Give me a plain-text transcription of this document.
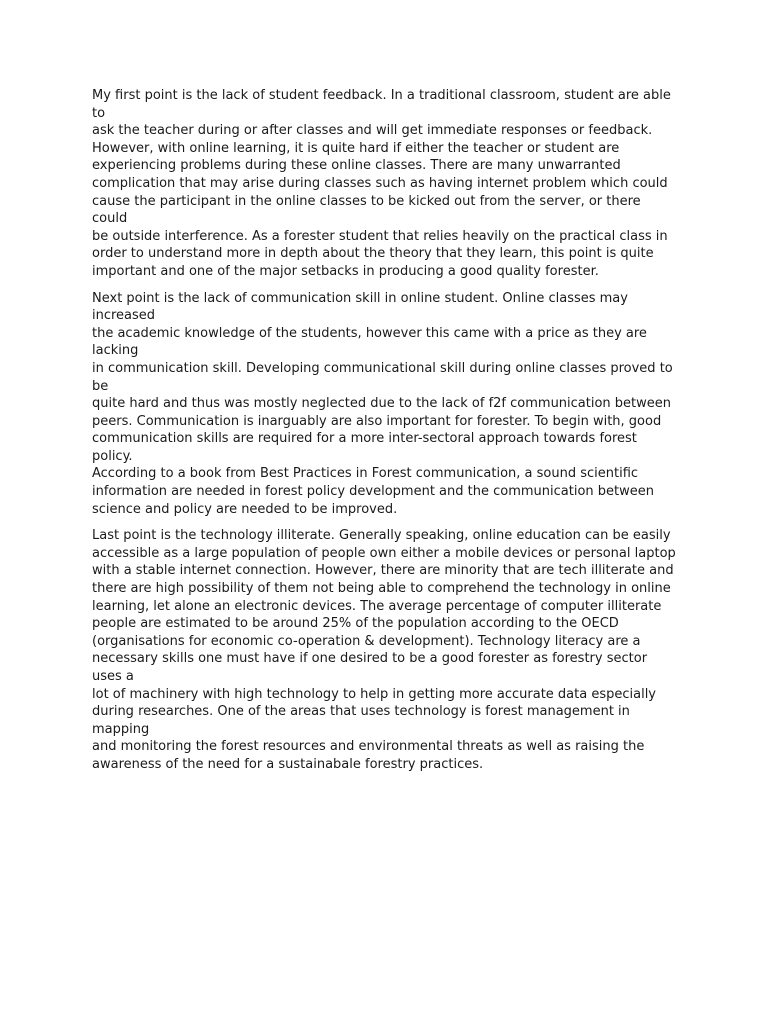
My first point is the lack of student feedback. In a traditional classroom, student are able to
ask the teacher during or after classes and will get immediate responses or feedback.
However, with online learning, it is quite hard if either the teacher or student are
experiencing problems during these online classes. There are many unwarranted
complication that may arise during classes such as having internet problem which could
cause the participant in the online classes to be kicked out from the server, or there could
be outside interference. As a forester student that relies heavily on the practical class in
order to understand more in depth about the theory that they learn, this point is quite
important and one of the major setbacks in producing a good quality forester.

Next point is the lack of communication skill in online student. Online classes may increased
the academic knowledge of the students, however this came with a price as they are lacking
in communication skill. Developing communicational skill during online classes proved to be
quite hard and thus was mostly neglected due to the lack of f2f communication between
peers. Communication is inarguably are also important for forester. To begin with, good
communication skills are required for a more inter-sectoral approach towards forest policy.
According to a book from Best Practices in Forest communication, a sound scientific
information are needed in forest policy development and the communication between
science and policy are needed to be improved.

Last point is the technology illiterate. Generally speaking, online education can be easily
accessible as a large population of people own either a mobile devices or personal laptop
with a stable internet connection. However, there are minority that are tech illiterate and
there are high possibility of them not being able to comprehend the technology in online
learning, let alone an electronic devices. The average percentage of computer illiterate
people are estimated to be around 25% of the population according to the OECD
(organisations for economic co-operation & development). Technology literacy are a
necessary skills one must have if one desired to be a good forester as forestry sector uses a
lot of machinery with high technology to help in getting more accurate data especially
during researches. One of the areas that uses technology is forest management in mapping
and monitoring the forest resources and environmental threats as well as raising the
awareness of the need for a sustainabale forestry practices.
